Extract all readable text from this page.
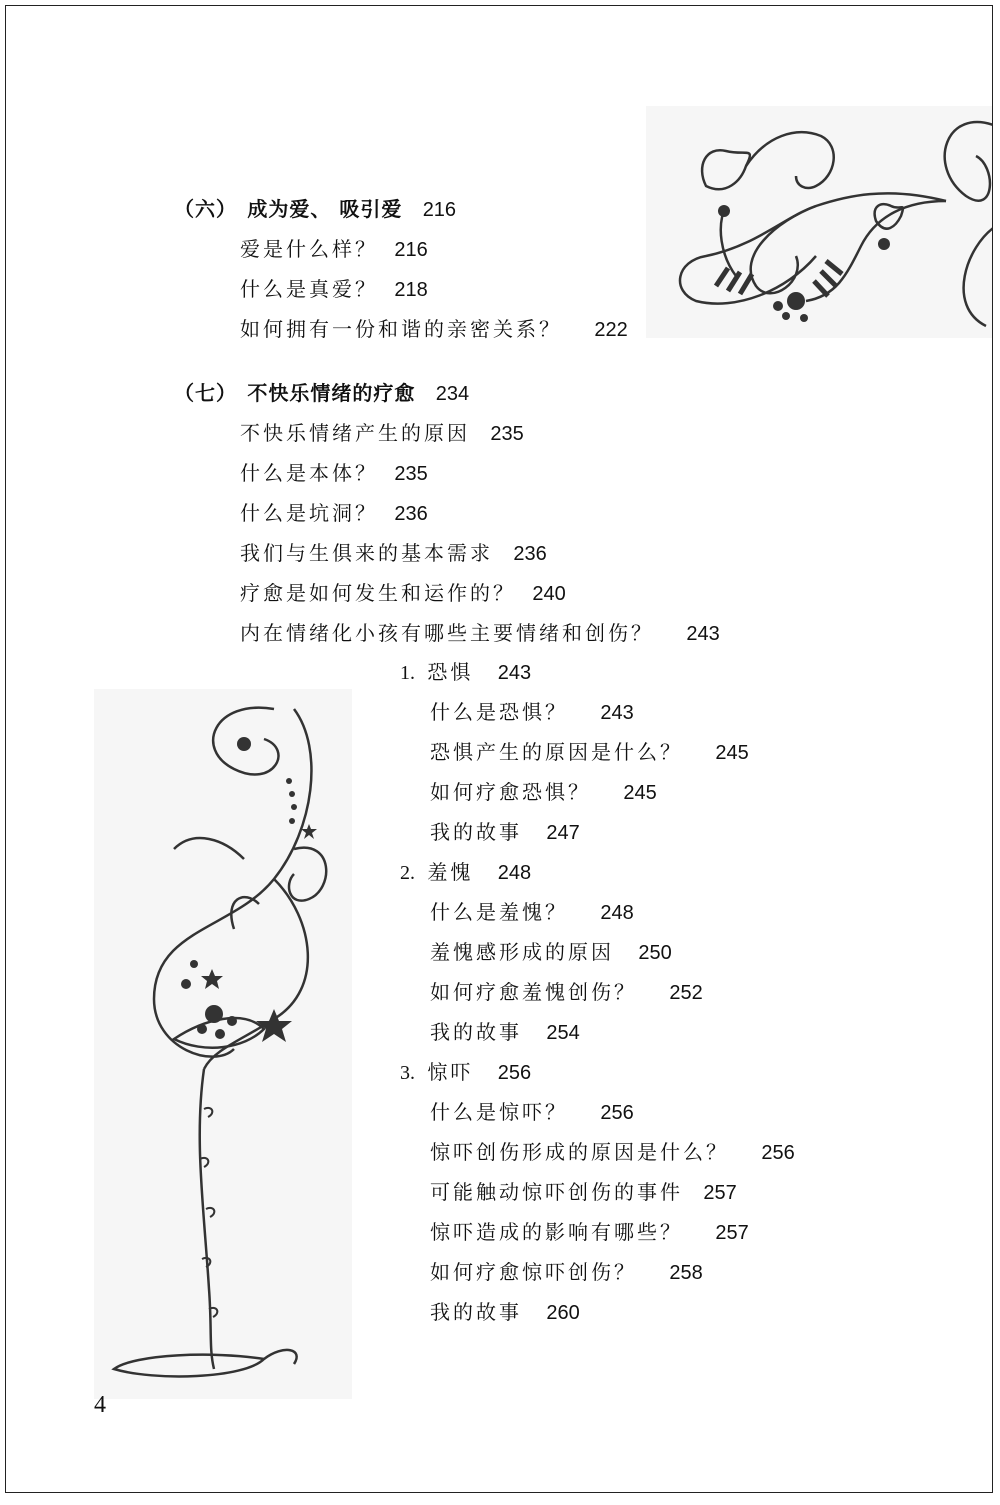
（六） 成为爱、 吸引爱 216
爱是什么样？ 216
什么是真爱？ 218
如何拥有一份和谐的亲密关系？ 222
（七） 不快乐情绪的疗愈 234
不快乐情绪产生的原因 235
什么是本体？ 235
什么是坑洞？ 236
我们与生俱来的基本需求 236
疗愈是如何发生和运作的？ 240
内在情绪化小孩有哪些主要情绪和创伤？ 243
1. 恐惧 243
什么是恐惧？ 243
恐惧产生的原因是什么？ 245
如何疗愈恐惧？ 245
我的故事 247
2. 羞愧 248
什么是羞愧？ 248
羞愧感形成的原因 250
如何疗愈羞愧创伤？ 252
我的故事 254
3. 惊吓 256
什么是惊吓？ 256
惊吓创伤形成的原因是什么？ 256
可能触动惊吓创伤的事件 257
惊吓造成的影响有哪些？ 257
如何疗愈惊吓创伤？ 258
我的故事 260
4
